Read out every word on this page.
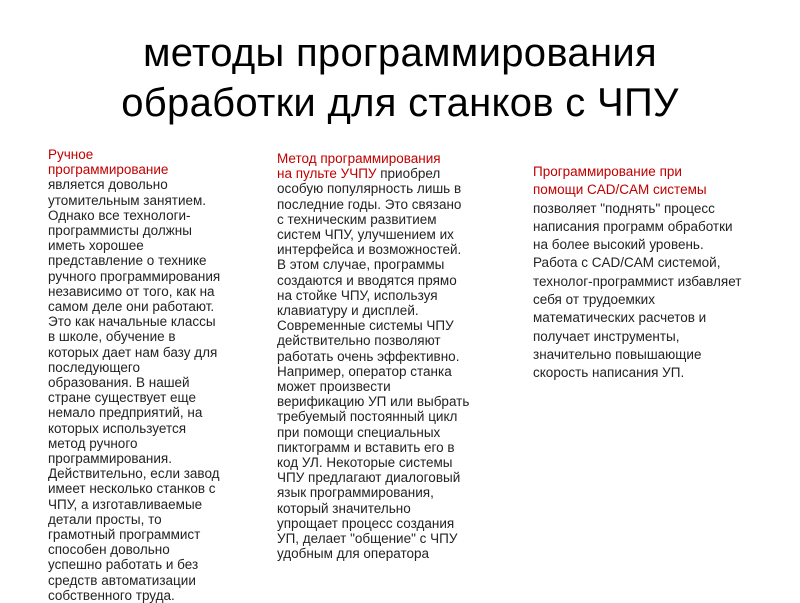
методы программирования
обработки для станков с ЧПУ
Ручное
программирование
является довольно
утомительным занятием.
Однако все технологи-
программисты должны
иметь хорошее
представление о технике
ручного программирования
независимо от того, как на
самом деле они работают.
Это как начальные классы
в школе, обучение в
которых дает нам базу для
последующего
образования. В нашей
стране существует еще
немало предприятий, на
которых используется
метод ручного
программирования.
Действительно, если завод
имеет несколько станков с
ЧПУ, а изготавливаемые
детали просты, то
грамотный программист
способен довольно
успешно работать и без
средств автоматизации
собственного труда.
Метод программирования
на пульте УЧПУ приобрел
особую популярность лишь в
последние годы. Это связано
с техническим развитием
систем ЧПУ, улучшением их
интерфейса и возможностей.
В этом случае, программы
создаются и вводятся прямо
на стойке ЧПУ, используя
клавиатуру и дисплей.
Современные системы ЧПУ
действительно позволяют
работать очень эффективно.
Например, оператор станка
может произвести
верификацию УП или выбрать
требуемый постоянный цикл
при помощи специальных
пиктограмм и вставить его в
код УЛ. Некоторые системы
ЧПУ предлагают диалоговый
язык программирования,
который значительно
упрощает процесс создания
УП, делает "общение" с ЧПУ
удобным для оператора
Программирование при
помощи CAD/CAM системы
позволяет "поднять" процесс
написания программ обработки
на более высокий уровень.
Работа с CAD/CAM системой,
технолог-программист избавляет
себя от трудоемких
математических расчетов и
получает инструменты,
значительно повышающие
скорость написания УП.
